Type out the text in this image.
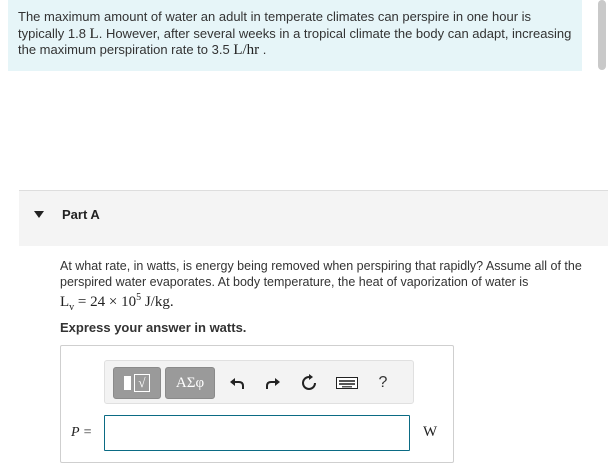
The maximum amount of water an adult in temperate climates can perspire in one hour is typically 1.8 L. However, after several weeks in a tropical climate the body can adapt, increasing the maximum perspiration rate to 3.5 L/hr .
Part A
At what rate, in watts, is energy being removed when perspiring that rapidly? Assume all of the perspired water evaporates. At body temperature, the heat of vaporization of water is
$L_v = 24 \times 10^5$ J/kg.
Express your answer in watts.
√	ΑΣφ	?
P =	W
